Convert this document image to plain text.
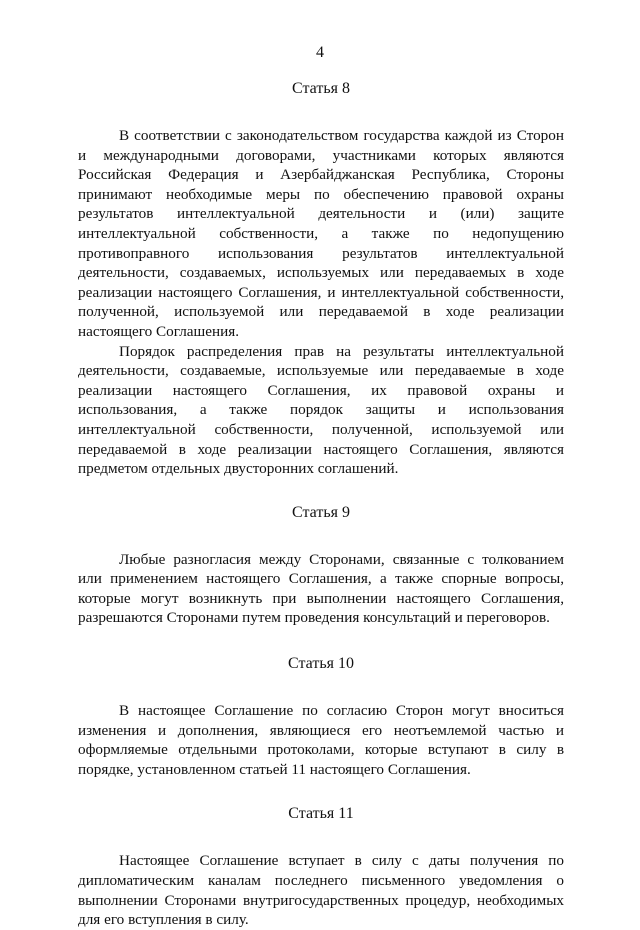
4
Статья 8

В соответствии с законодательством государства каждой из Сторон и международными договорами, участниками которых являются Российская Федерация и Азербайджанская Республика, Стороны принимают необходимые меры по обеспечению правовой охраны результатов интеллектуальной деятельности и (или) защите интеллектуальной собственности, а также по недопущению противоправного использования результатов интеллектуальной деятельности, создаваемых, используемых или передаваемых в ходе реализации настоящего Соглашения, и интеллектуальной собственности, полученной, используемой или передаваемой в ходе реализации настоящего Соглашения.

Порядок распределения прав на результаты интеллектуальной деятельности, создаваемые, используемые или передаваемые в ходе реализации настоящего Соглашения, их правовой охраны и использования, а также порядок защиты и использования интеллектуальной собственности, полученной, используемой или передаваемой в ходе реализации настоящего Соглашения, являются предметом отдельных двусторонних соглашений.

Статья 9

Любые разногласия между Сторонами, связанные с толкованием или применением настоящего Соглашения, а также спорные вопросы, которые могут возникнуть при выполнении настоящего Соглашения, разрешаются Сторонами путем проведения консультаций и переговоров.

Статья 10

В настоящее Соглашение по согласию Сторон могут вноситься изменения и дополнения, являющиеся его неотъемлемой частью и оформляемые отдельными протоколами, которые вступают в силу в порядке, установленном статьей 11 настоящего Соглашения.

Статья 11

Настоящее Соглашение вступает в силу с даты получения по дипломатическим каналам последнего письменного уведомления о выполнении Сторонами внутригосударственных процедур, необходимых для его вступления в силу.
